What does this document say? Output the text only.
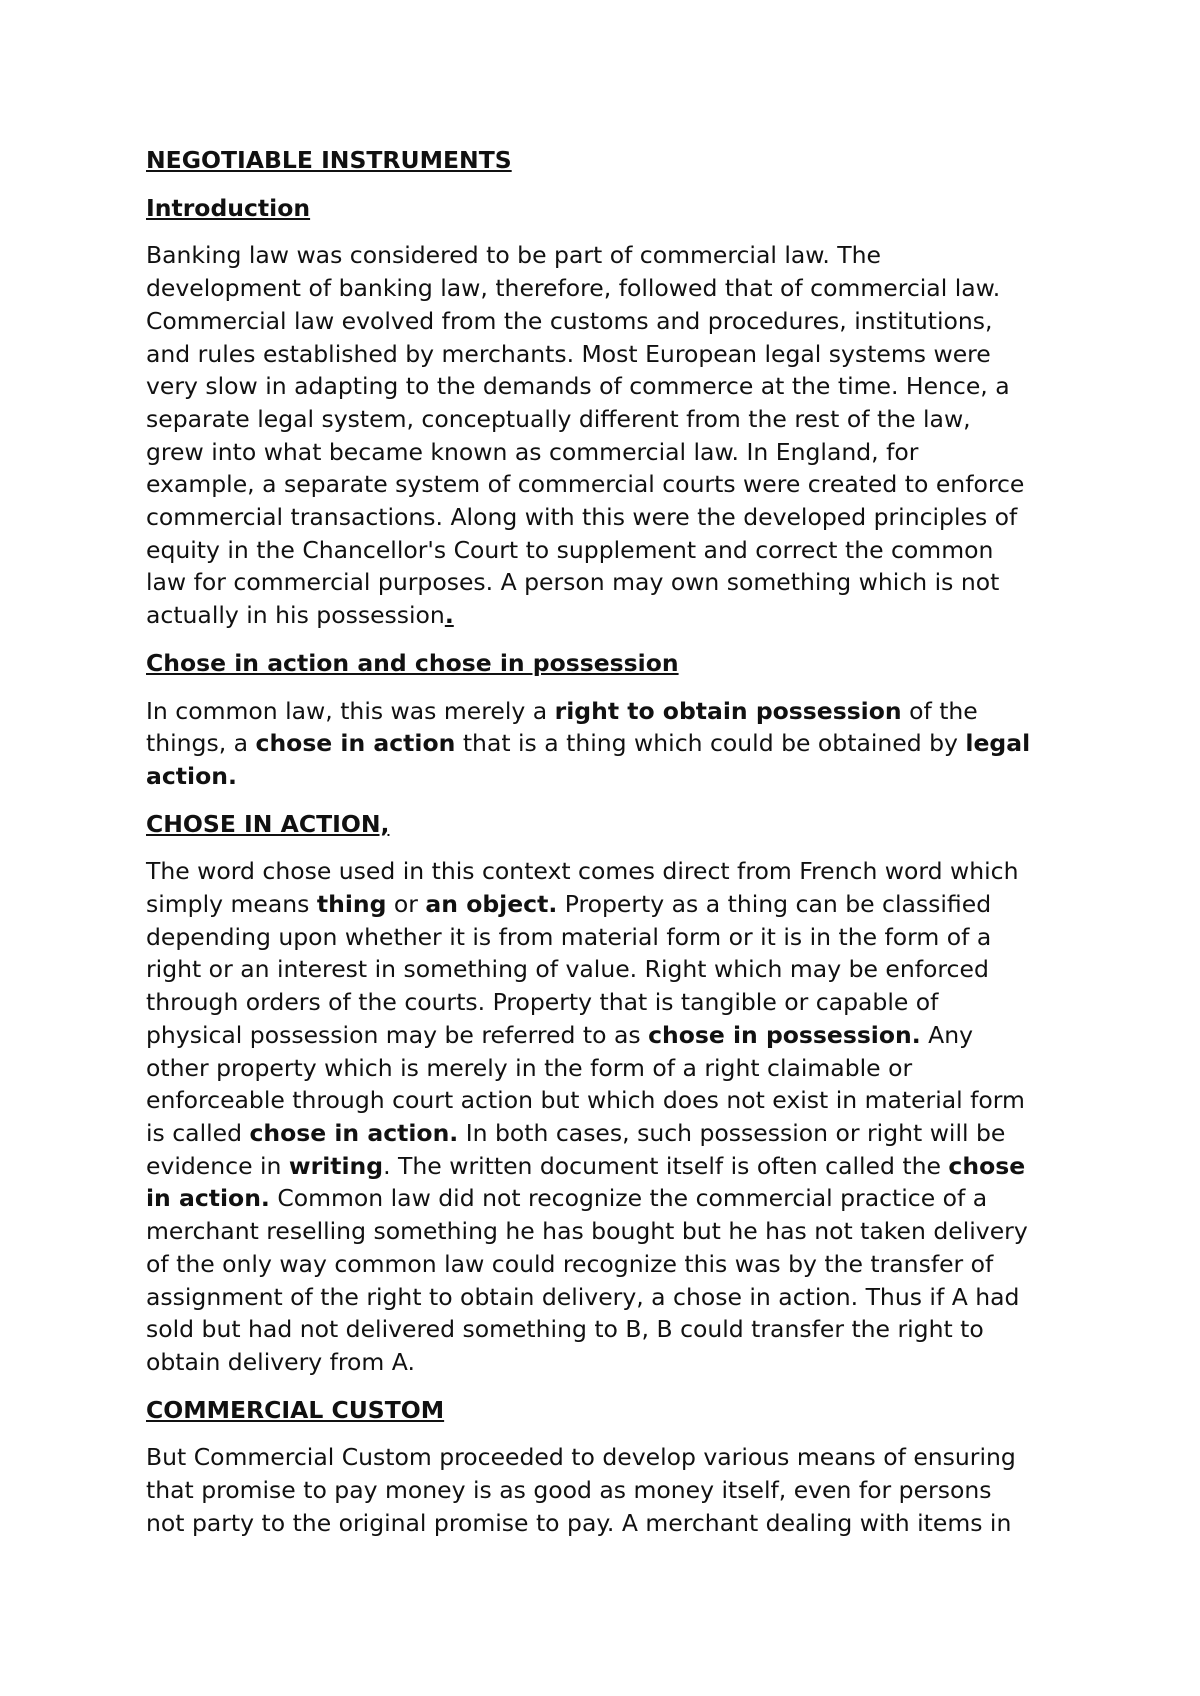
NEGOTIABLE INSTRUMENTS
Introduction
Banking law was considered to be part of commercial law. The
development of banking law, therefore, followed that of commercial law.
Commercial law evolved from the customs and procedures, institutions,
and rules established by merchants. Most European legal systems were
very slow in adapting to the demands of commerce at the time. Hence, a
separate legal system, conceptually different from the rest of the law,
grew into what became known as commercial law. In England, for
example, a separate system of commercial courts were created to enforce
commercial transactions. Along with this were the developed principles of
equity in the Chancellor's Court to supplement and correct the common
law for commercial purposes. A person may own something which is not
actually in his possession.
Chose in action and chose in possession
In common law, this was merely a right to obtain possession of the
things, a chose in action that is a thing which could be obtained by legal
action.
CHOSE IN ACTION,
The word chose used in this context comes direct from French word which
simply means thing or an object. Property as a thing can be classified
depending upon whether it is from material form or it is in the form of a
right or an interest in something of value. Right which may be enforced
through orders of the courts. Property that is tangible or capable of
physical possession may be referred to as chose in possession. Any
other property which is merely in the form of a right claimable or
enforceable through court action but which does not exist in material form
is called chose in action. In both cases, such possession or right will be
evidence in writing. The written document itself is often called the chose
in action. Common law did not recognize the commercial practice of a
merchant reselling something he has bought but he has not taken delivery
of the only way common law could recognize this was by the transfer of
assignment of the right to obtain delivery, a chose in action. Thus if A had
sold but had not delivered something to B, B could transfer the right to
obtain delivery from A.
COMMERCIAL CUSTOM
But Commercial Custom proceeded to develop various means of ensuring
that promise to pay money is as good as money itself, even for persons
not party to the original promise to pay. A merchant dealing with items in
